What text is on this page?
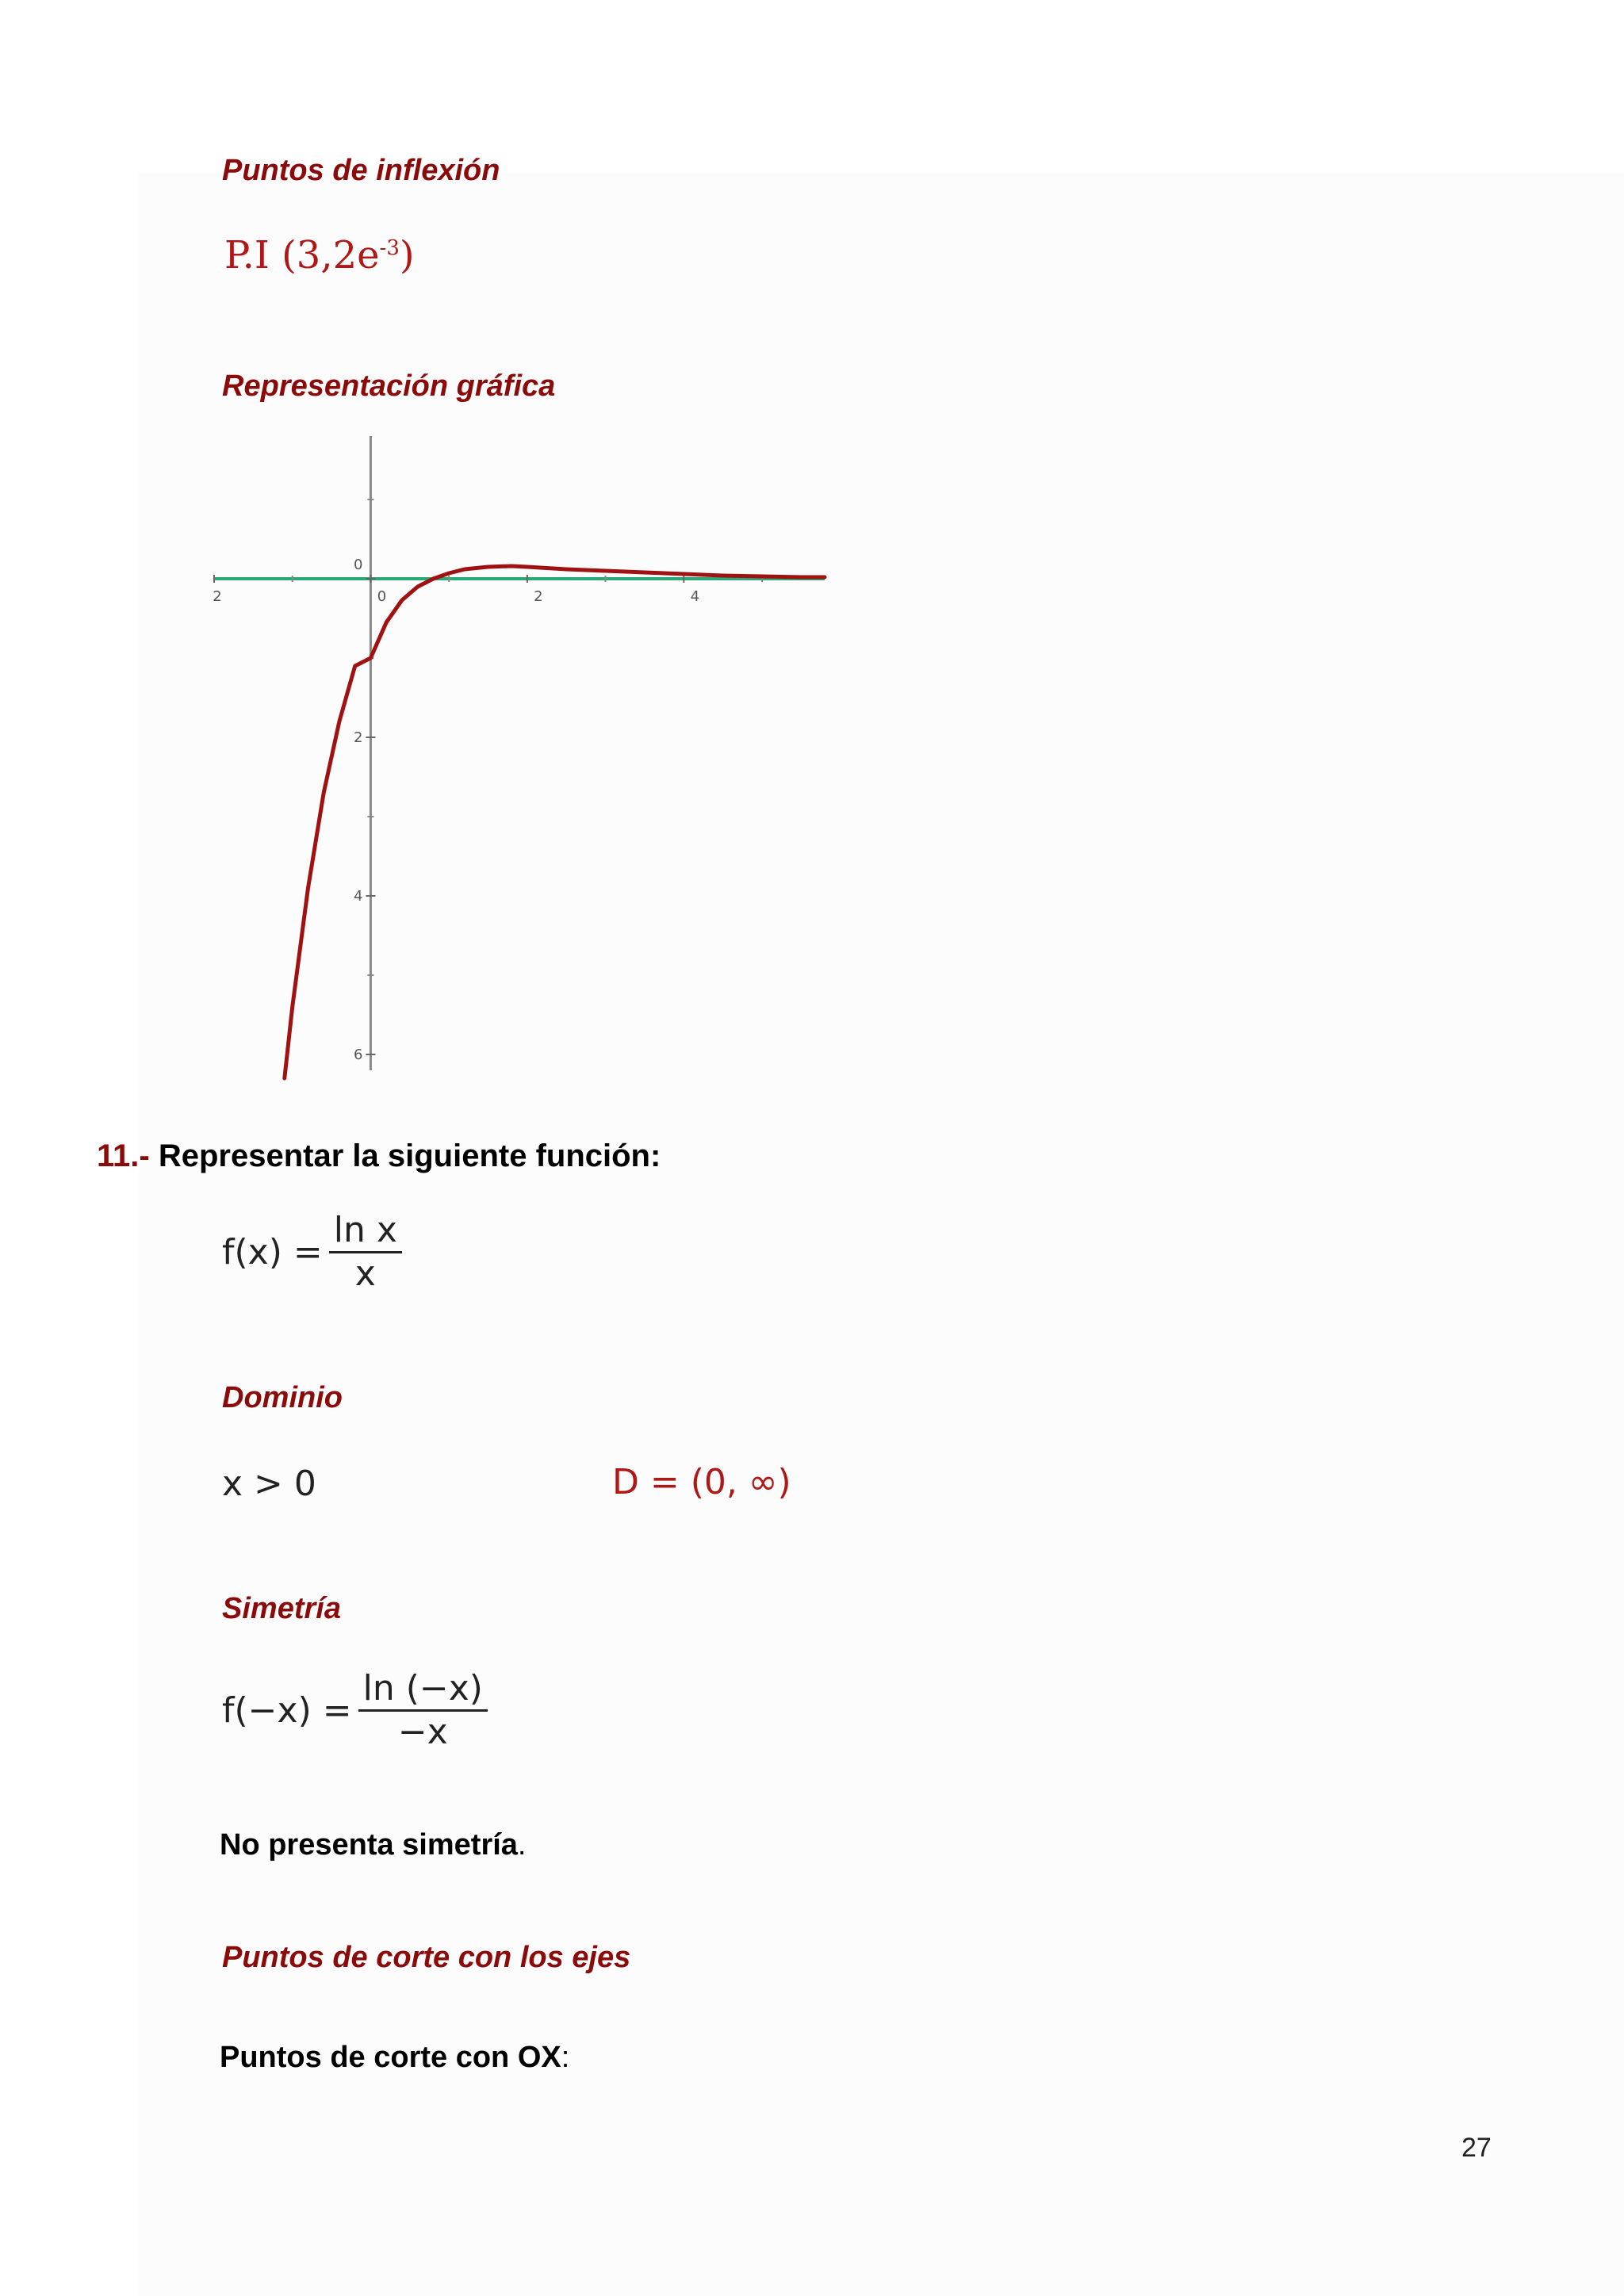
Puntos de inflexión
P.I $(3,2e^{-3})$
Representación gráfica
2	0	2	4
0
2
4
6
11.- Representar la siguiente función:
$f(x) = \frac{\text{ln x}}{x}$
Dominio
x > 0	D = (0, ∞)
Simetría
$f(-x) = \frac{\ln (-x)}{-x}$
No presenta simetría.
Puntos de corte con los ejes
Puntos de corte con OX:
27
